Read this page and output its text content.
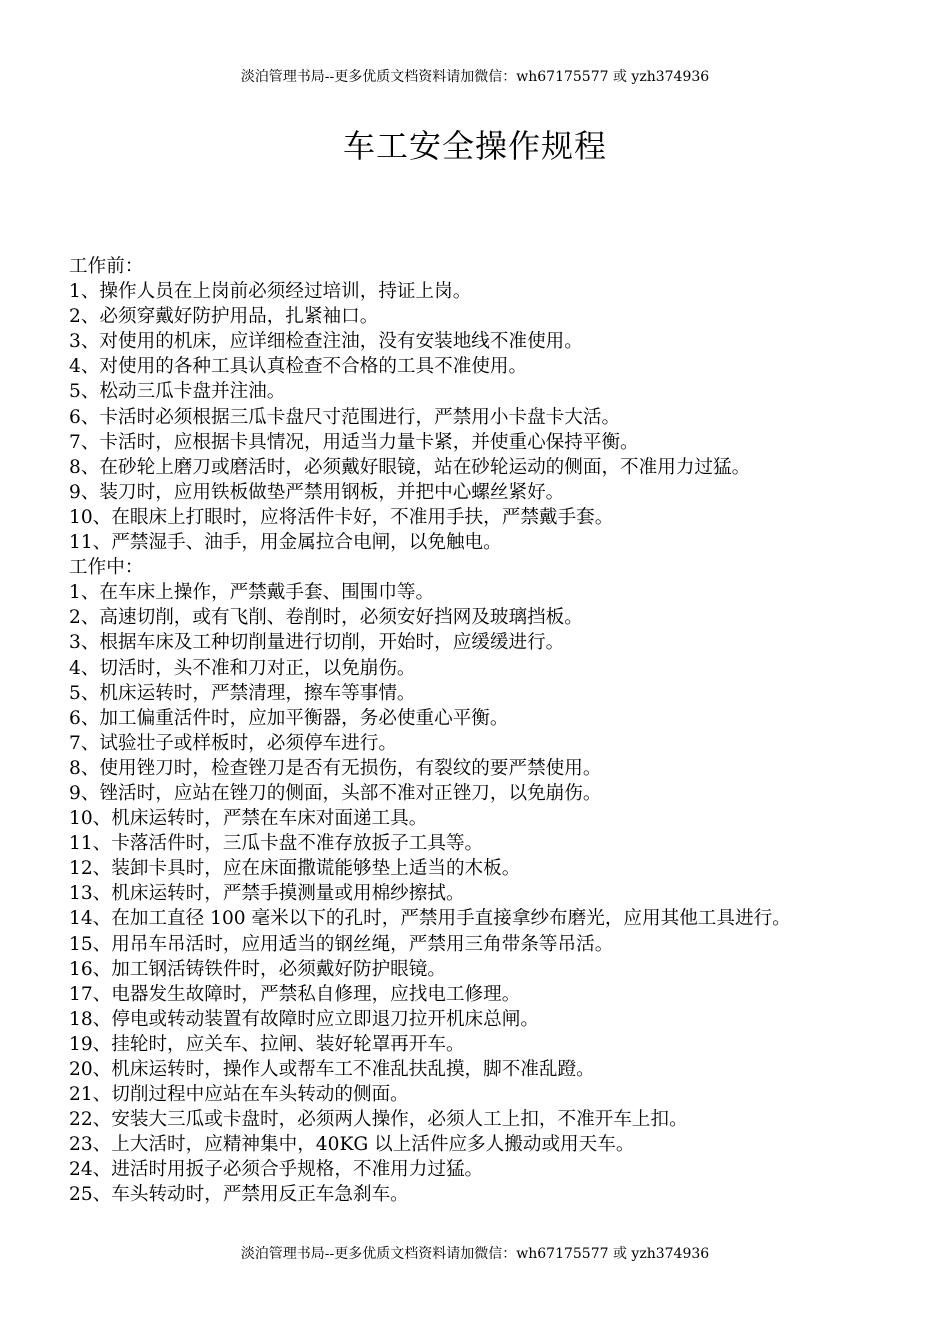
淡泊管理书局--更多优质文档资料请加微信：wh67175577 或 yzh374936
车工安全操作规程
工作前：
1、操作人员在上岗前必须经过培训，持证上岗。
2、必须穿戴好防护用品，扎紧袖口。
3、对使用的机床，应详细检查注油，没有安装地线不准使用。
4、对使用的各种工具认真检查不合格的工具不准使用。
5、松动三瓜卡盘并注油。
6、卡活时必须根据三瓜卡盘尺寸范围进行，严禁用小卡盘卡大活。
7、卡活时，应根据卡具情况，用适当力量卡紧，并使重心保持平衡。
8、在砂轮上磨刀或磨活时，必须戴好眼镜，站在砂轮运动的侧面，不准用力过猛。
9、装刀时，应用铁板做垫严禁用钢板，并把中心螺丝紧好。
10、在眼床上打眼时，应将活件卡好，不准用手扶，严禁戴手套。
11、严禁湿手、油手，用金属拉合电闸，以免触电。
工作中：
1、在车床上操作，严禁戴手套、围围巾等。
2、高速切削，或有飞削、卷削时，必须安好挡网及玻璃挡板。
3、根据车床及工种切削量进行切削，开始时，应缓缓进行。
4、切活时，头不准和刀对正，以免崩伤。
5、机床运转时，严禁清理，擦车等事情。
6、加工偏重活件时，应加平衡器，务必使重心平衡。
7、试验壮子或样板时，必须停车进行。
8、使用锉刀时，检查锉刀是否有无损伤，有裂纹的要严禁使用。
9、锉活时，应站在锉刀的侧面，头部不准对正锉刀，以免崩伤。
10、机床运转时，严禁在车床对面递工具。
11、卡落活件时，三瓜卡盘不准存放扳子工具等。
12、装卸卡具时，应在床面撒谎能够垫上适当的木板。
13、机床运转时，严禁手摸测量或用棉纱擦拭。
14、在加工直径 100 毫米以下的孔时，严禁用手直接拿纱布磨光，应用其他工具进行。
15、用吊车吊活时，应用适当的钢丝绳，严禁用三角带条等吊活。
16、加工钢活铸铁件时，必须戴好防护眼镜。
17、电器发生故障时，严禁私自修理，应找电工修理。
18、停电或转动装置有故障时应立即退刀拉开机床总闸。
19、挂轮时，应关车、拉闸、装好轮罩再开车。
20、机床运转时，操作人或帮车工不准乱扶乱摸，脚不准乱蹬。
21、切削过程中应站在车头转动的侧面。
22、安装大三瓜或卡盘时，必须两人操作，必须人工上扣，不准开车上扣。
23、上大活时，应精神集中，40KG 以上活件应多人搬动或用天车。
24、进活时用扳子必须合乎规格，不准用力过猛。
25、车头转动时，严禁用反正车急刹车。
淡泊管理书局--更多优质文档资料请加微信：wh67175577 或 yzh374936
